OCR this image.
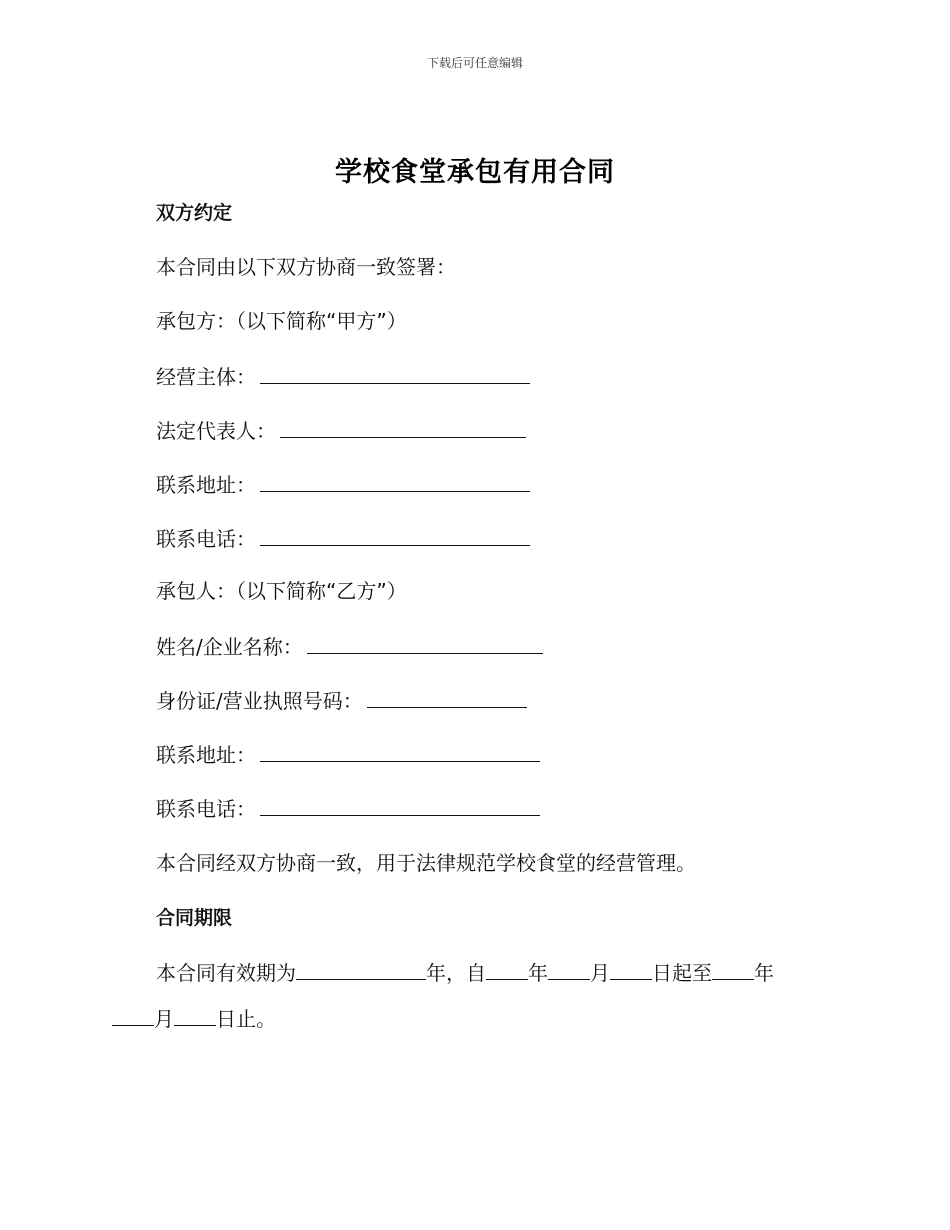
下载后可任意编辑
学校食堂承包有用合同
双方约定
本合同由以下双方协商一致签署：
承包方：（以下简称“甲方”）
经营主体：
法定代表人：
联系地址：
联系电话：
承包人：（以下简称“乙方”）
姓名/企业名称：
身份证/营业执照号码：
联系地址：
联系电话：
本合同经双方协商一致，用于法律规范学校食堂的经营管理。
合同期限
本合同有效期为	年，自 年 月 日起至 年
月 日止。
